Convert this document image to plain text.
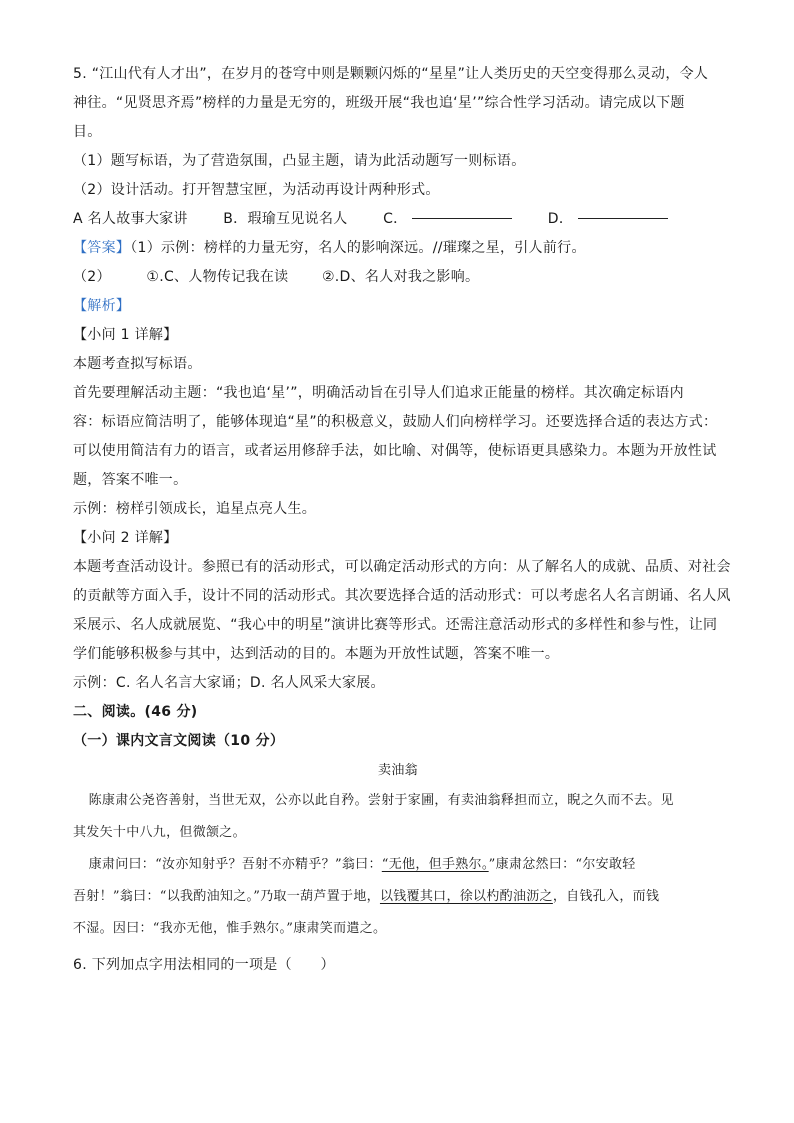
5. “江山代有人才出”，在岁月的苍穹中则是颗颗闪烁的“星星”让人类历史的天空变得那么灵动，令人
神往。“见贤思齐焉”榜样的力量是无穷的，班级开展“我也追‘星’”综合性学习活动。请完成以下题
目。
（1）题写标语，为了营造氛围，凸显主题，请为此活动题写一则标语。
（2）设计活动。打开智慧宝匣，为活动再设计两种形式。
A 名人故事大家讲	B．瑕瑜互见说名人	C．	D．
【答案】（1）示例：榜样的力量无穷，名人的影响深远。//璀璨之星，引人前行。
（2）	①.C、人物传记我在读 ②.D、名人对我之影响。
【解析】
【小问 1 详解】
本题考查拟写标语。
首先要理解活动主题：“我也追‘星’”，明确活动旨在引导人们追求正能量的榜样。其次确定标语内
容：标语应简洁明了，能够体现追“星”的积极意义，鼓励人们向榜样学习。还要选择合适的表达方式：
可以使用简洁有力的语言，或者运用修辞手法，如比喻、对偶等，使标语更具感染力。本题为开放性试
题，答案不唯一。
示例：榜样引领成长，追星点亮人生。
【小问 2 详解】
本题考查活动设计。参照已有的活动形式，可以确定活动形式的方向：从了解名人的成就、品质、对社会
的贡献等方面入手，设计不同的活动形式。其次要选择合适的活动形式：可以考虑名人名言朗诵、名人风
采展示、名人成就展览、“我心中的明星”演讲比赛等形式。还需注意活动形式的多样性和参与性，让同
学们能够积极参与其中，达到活动的目的。本题为开放性试题，答案不唯一。
示例：C. 名人名言大家诵；D. 名人风采大家展。
二、阅读。(46 分)
（一）课内文言文阅读（10 分）
卖油翁
陈康肃公尧咨善射，当世无双，公亦以此自矜。尝射于家圃，有卖油翁释担而立，睨之久而不去。见
其发矢十中八九，但微颔之。
康肃问曰：“汝亦知射乎？吾射不亦精乎？”翁曰：“无他，但手熟尔。”康肃忿然曰：“尔安敢轻
吾射！”翁曰：“以我酌油知之。”乃取一葫芦置于地，以钱覆其口，徐以杓酌油沥之，自钱孔入，而钱
不湿。因曰：“我亦无他，惟手熟尔。”康肃笑而遣之。
6. 下列加点字用法相同的一项是（　　）
